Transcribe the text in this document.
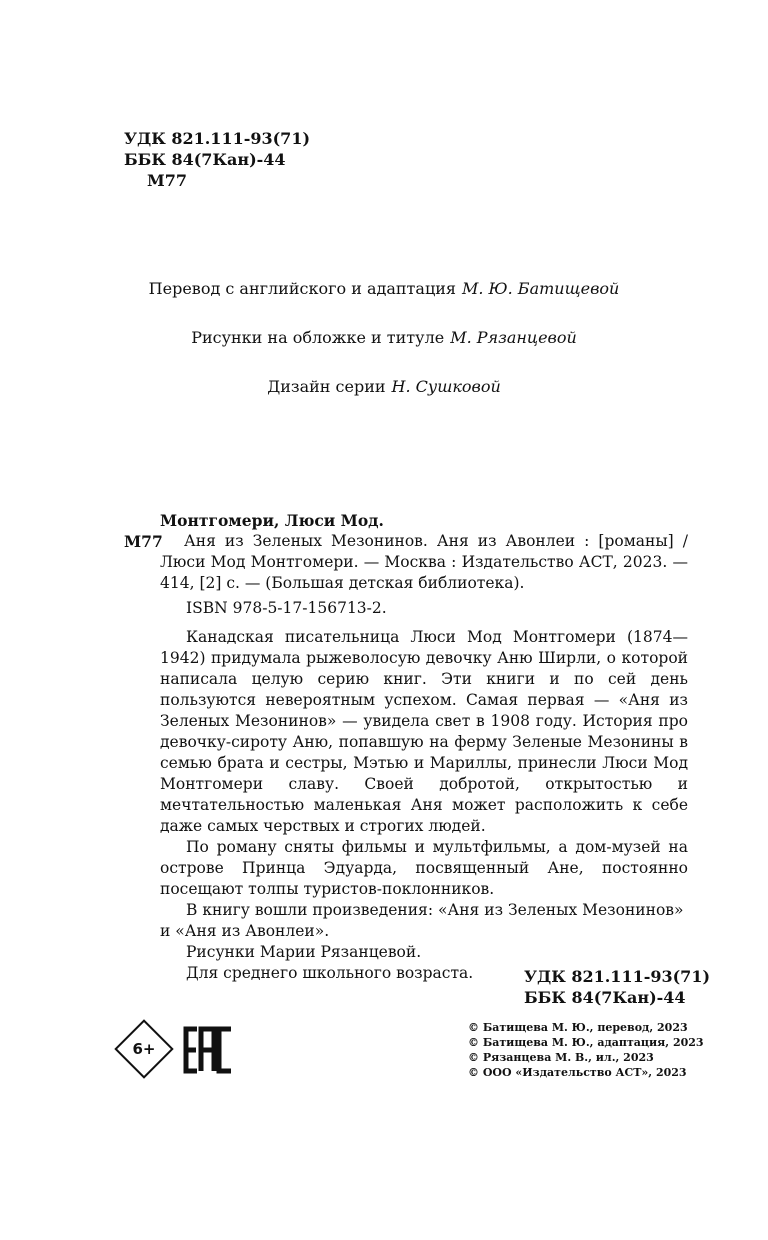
УДК 821.111-93(71)
ББК 84(7Кан)-44
М77
Перевод с английского и адаптация М. Ю. Батищевой
Рисунки на обложке и титуле М. Рязанцевой
Дизайн серии Н. Сушковой
Монтгомери, Люси Мод.
М77	Аня из Зеленых Мезонинов. Аня из Авонлеи : [романы] / Люси Мод Монтгомери. — Москва : Издательство АСТ, 2023. — 414, [2] с. — (Большая детская библиотека).
ISBN 978-5-17-156713-2.
Канадская писательница Люси Мод Монтгомери (1874—1942) придумала рыжеволосую девочку Аню Ширли, о которой написала целую серию книг. Эти книги и по сей день пользуются невероятным успехом. Самая первая — «Аня из Зеленых Мезонинов» — увидела свет в 1908 году. История про девочку-сироту Аню, попавшую на ферму Зеленые Мезонины в семью брата и сестры, Мэтью и Мариллы, принесли Люси Мод Монтгомери славу. Своей добротой, открытостью и мечтательностью маленькая Аня может расположить к себе даже самых черствых и строгих людей.
По роману сняты фильмы и мультфильмы, а дом-музей на острове Принца Эдуарда, посвященный Ане, постоянно посещают толпы туристов-поклонников.
В книгу вошли произведения: «Аня из Зеленых Мезонинов» и «Аня из Авонлеи».
Рисунки Марии Рязанцевой.
Для среднего школьного возраста.	УДК 821.111-93(71)
ББК 84(7Кан)-44
6+
© Батищева М. Ю., перевод, 2023
© Батищева М. Ю., адаптация, 2023
© Рязанцева М. В., ил., 2023
© ООО «Издательство АСТ», 2023
